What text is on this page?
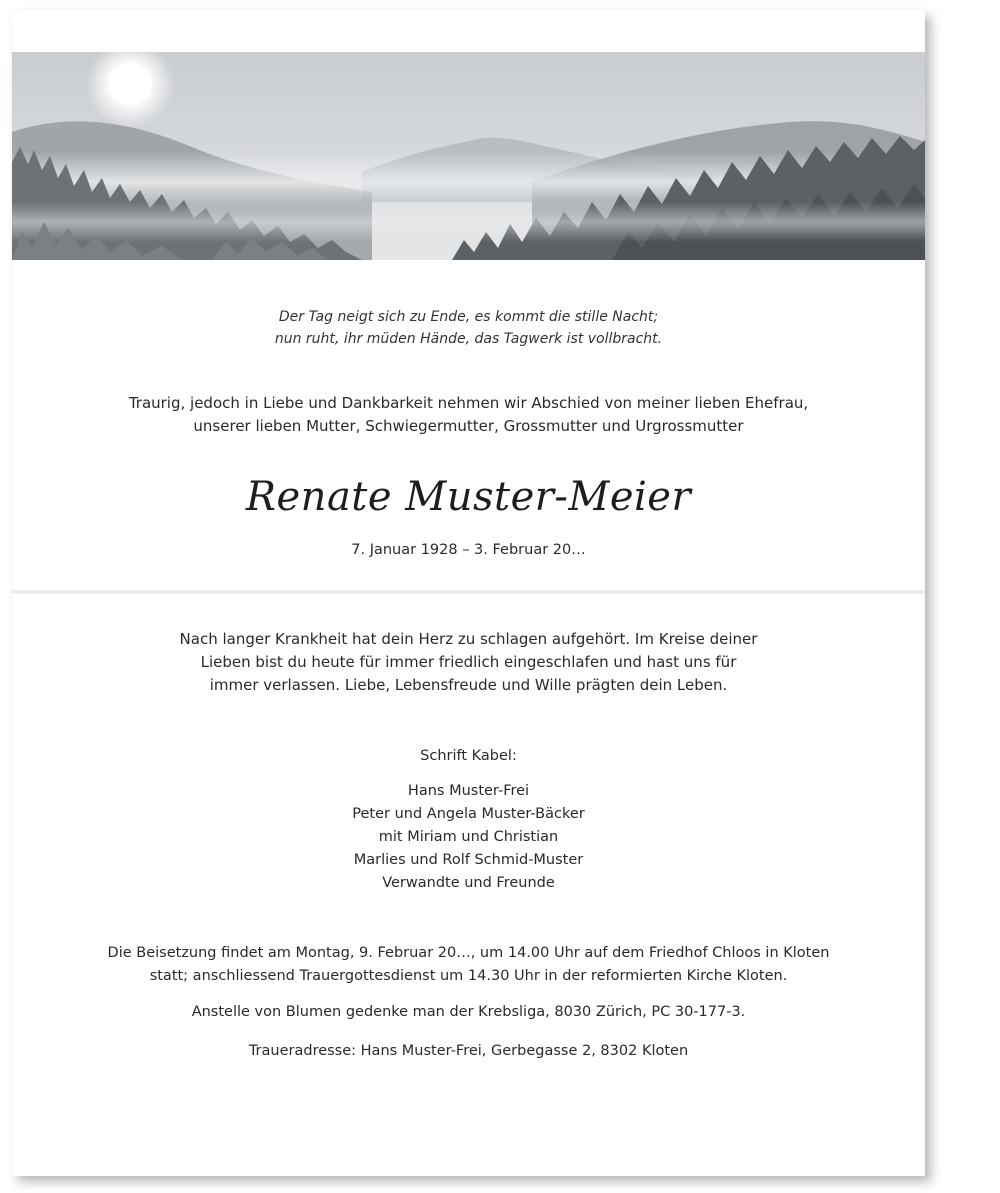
Der Tag neigt sich zu Ende, es kommt die stille Nacht;

nun ruht, ihr müden Hände, das Tagwerk ist vollbracht.

Traurig, jedoch in Liebe und Dankbarkeit nehmen wir Abschied von meiner lieben Ehefrau,

unserer lieben Mutter, Schwiegermutter, Grossmutter und Urgrossmutter

Renate Muster-Meier
7. Januar 1928 – 3. Februar 20…

Nach langer Krankheit hat dein Herz zu schlagen aufgehört. Im Kreise deiner

Lieben bist du heute für immer friedlich eingeschlafen und hast uns für

immer verlassen. Liebe, Lebensfreude und Wille prägten dein Leben.

Schrift Kabel:

Hans Muster-Frei

Peter und Angela Muster-Bäcker

mit Miriam und Christian

Marlies und Rolf Schmid-Muster

Verwandte und Freunde

Die Beisetzung findet am Montag, 9. Februar 20…, um 14.00 Uhr auf dem Friedhof Chloos in Kloten

statt; anschliessend Trauergottesdienst um 14.30 Uhr in der reformierten Kirche Kloten.

Anstelle von Blumen gedenke man der Krebsliga, 8030 Zürich, PC 30-177-3.
Traueradresse: Hans Muster-Frei, Gerbegasse 2, 8302 Kloten
